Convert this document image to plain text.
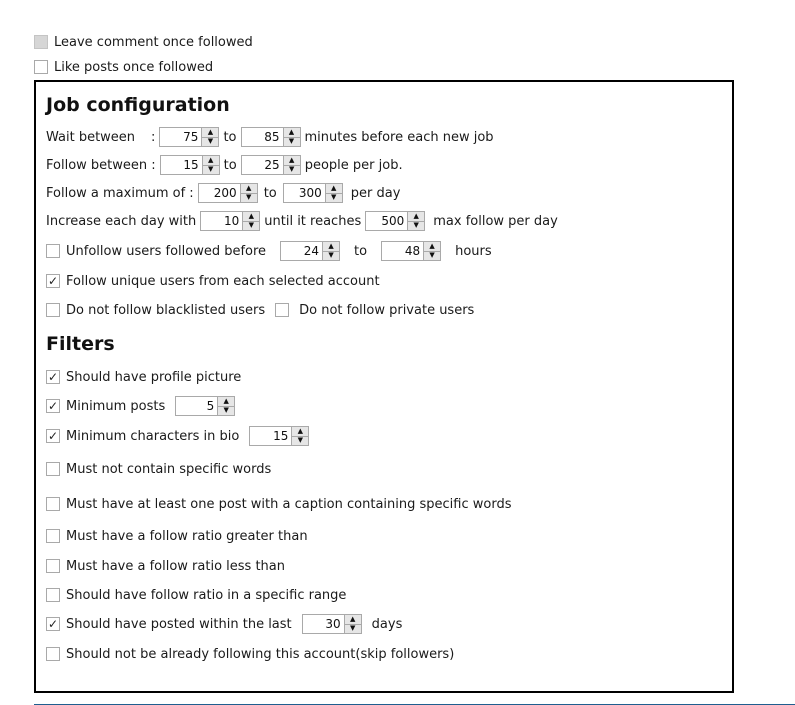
Leave comment once followed
Like posts once followed
Job configuration
Wait between :	75	▲
▼ to	85	▲
▼ minutes before each new job
Follow between :	15	▲
▼ to	25	▲
▼ people per job.
Follow a maximum of :	200	▲
▼ to	300	▲
▼	per day
Increase each day with	10	▲
▼ until it reaches	500	▲
▼	max follow per day
Unfollow users followed before	24	▲
▼	to	48	▲
▼	hours
✓ Follow unique users from each selected account
Do not follow blacklisted users	Do not follow private users
Filters
✓ Should have profile picture
✓ Minimum posts	5	▲
▼
✓ Minimum characters in bio	15	▲
▼
Must not contain specific words
Must have at least one post with a caption containing specific words
Must have a follow ratio greater than
Must have a follow ratio less than
Should have follow ratio in a specific range
✓ Should have posted within the last	30	▲
▼	days
Should not be already following this account(skip followers)
